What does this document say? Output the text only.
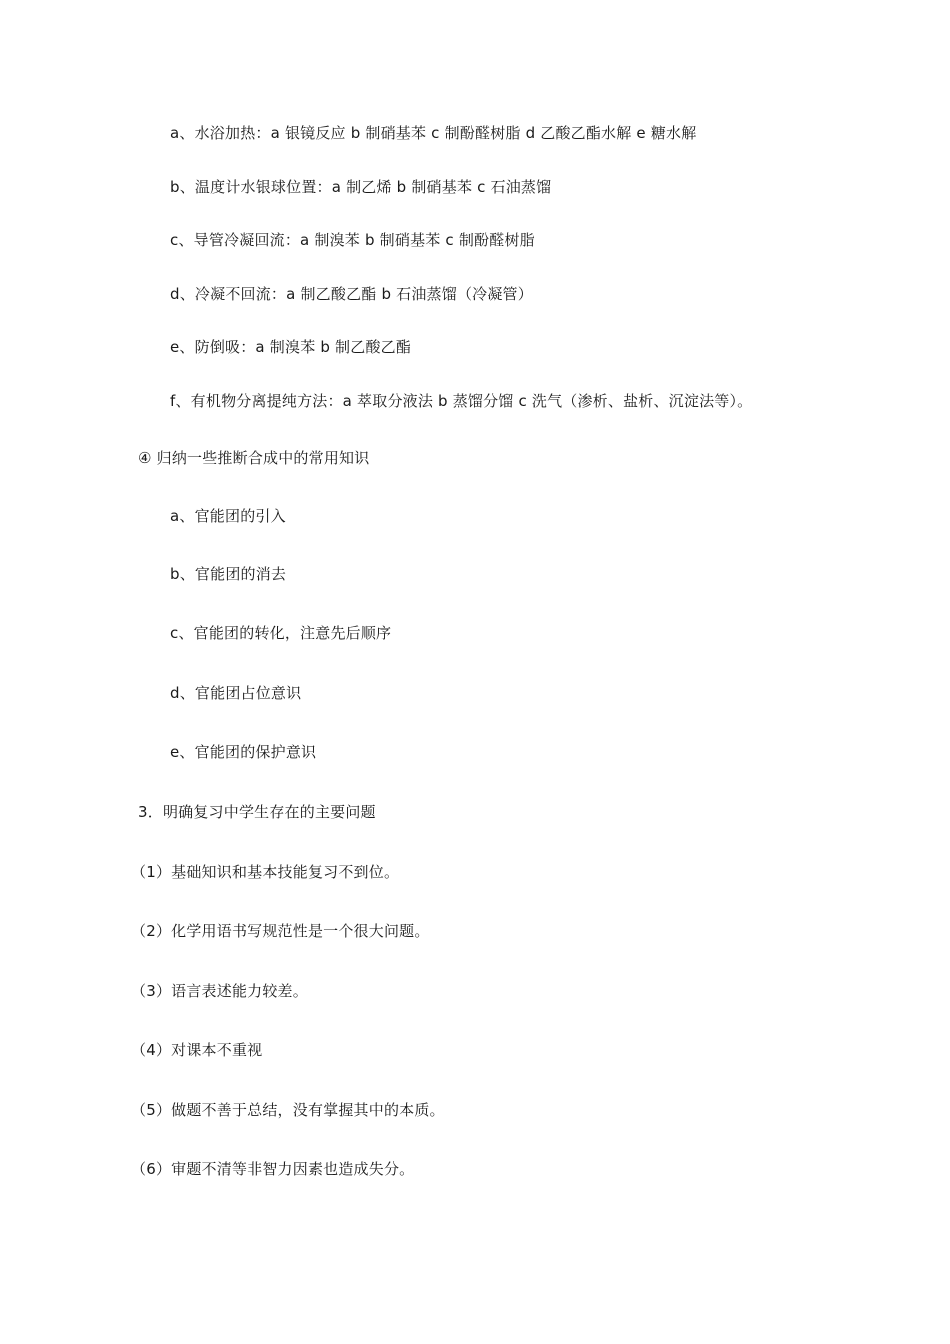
a、水浴加热：a 银镜反应 b 制硝基苯 c 制酚醛树脂 d 乙酸乙酯水解 e 糖水解
b、温度计水银球位置：a 制乙烯 b 制硝基苯 c 石油蒸馏
c、导管冷凝回流：a 制溴苯 b 制硝基苯 c 制酚醛树脂
d、冷凝不回流：a 制乙酸乙酯 b 石油蒸馏（冷凝管）
e、防倒吸：a 制溴苯 b 制乙酸乙酯
f、有机物分离提纯方法：a 萃取分液法 b 蒸馏分馏 c 洗气（渗析、盐析、沉淀法等）。
④ 归纳一些推断合成中的常用知识
a、官能团的引入
b、官能团的消去
c、官能团的转化，注意先后顺序
d、官能团占位意识
e、官能团的保护意识
3．明确复习中学生存在的主要问题
（1）基础知识和基本技能复习不到位。
（2）化学用语书写规范性是一个很大问题。
（3）语言表述能力较差。
（4）对课本不重视
（5）做题不善于总结，没有掌握其中的本质。
（6）审题不清等非智力因素也造成失分。
